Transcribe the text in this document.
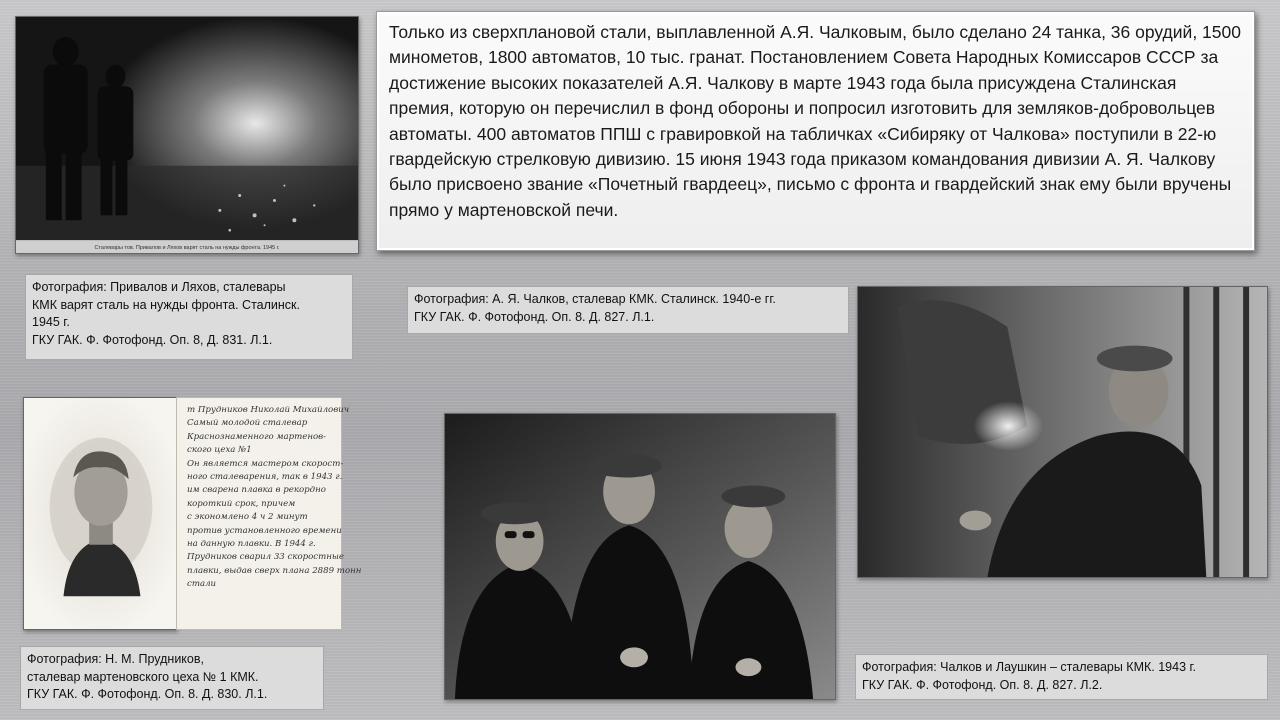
Сталевары тов. Привалов и Ляхов варят сталь на нужды фронта. 1945 г.

Только из сверхплановой стали, выплавленной А.Я. Чалковым, было сделано 24 танка, 36 орудий, 1500 минометов, 1800 автоматов, 10 тыс. гранат. Постановлением Совета Народных Комиссаров СССР за достижение высоких показателей А.Я. Чалкову в марте 1943 года была присуждена Сталинская премия, которую он перечислил в фонд обороны и попросил изготовить для земляков-добровольцев автоматы. 400 автоматов ППШ с гравировкой на табличках «Сибиряку от Чалкова» поступили в 22-ю гвардейскую стрелковую дивизию. 15 июня 1943 года приказом командования дивизии А. Я. Чалкову было присвоено звание «Почетный гвардеец», письмо с фронта и гвардейский знак ему были вручены прямо у мартеновской печи.

Фотография: Привалов и Ляхов, сталевары
КМК варят сталь на нужды фронта. Сталинск.
1945 г.
ГКУ ГАК. Ф. Фотофонд. Оп. 8, Д. 831. Л.1.
Фотография: А. Я. Чалков, сталевар КМК. Сталинск. 1940-е гг.
ГКУ ГАК. Ф. Фотофонд. Оп. 8. Д. 827. Л.1.
т Прудников Николай Михайлович
Самый молодой сталевар
Краснознаменного мартенов-
ского цеха №1
Он является мастером скорост-
ного сталеварения, так в 1943 г.
им сварена плавка в рекордно
короткий срок, причем
с экономлено 4 ч 2 минут
против установленного времени
на данную плавки. В 1944 г.
Прудников сварил 33 скоростные
плавки, выдав сверх плана 2889 тонн
стали
Фотография: Н. М. Прудников,
сталевар мартеновского цеха № 1 КМК.
ГКУ ГАК. Ф. Фотофонд. Оп. 8. Д. 830. Л.1.
Фотография: Чалков и Лаушкин – сталевары КМК. 1943 г.
ГКУ ГАК. Ф. Фотофонд. Оп. 8. Д. 827. Л.2.
